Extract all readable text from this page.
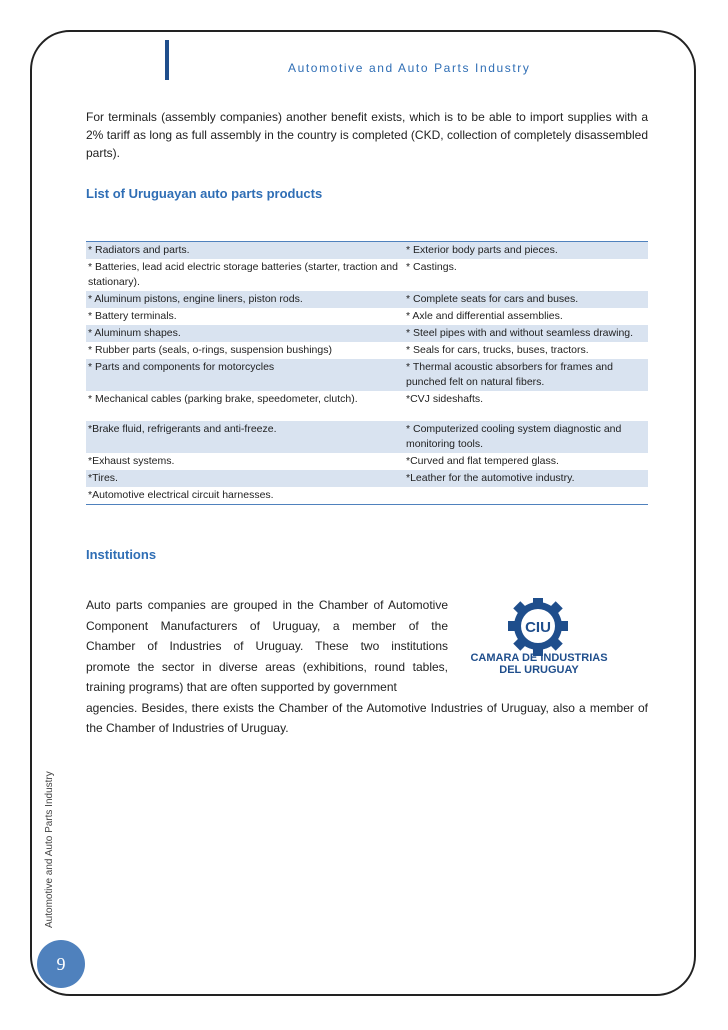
Automotive and Auto Parts Industry

For terminals (assembly companies) another benefit exists, which is to be able to import supplies with a 2% tariff as long as full assembly in the country is completed (CKD, collection of completely disassembled parts).

List of Uruguayan auto parts products
* Radiators and parts.	* Exterior body parts and pieces.
* Batteries, lead acid electric storage batteries (starter, traction and stationary).	* Castings.
* Aluminum pistons, engine liners, piston rods.	* Complete seats for cars and buses.
* Battery terminals.	* Axle and differential assemblies.
* Aluminum shapes.	* Steel pipes with and without seamless drawing.
* Rubber parts (seals, o-rings, suspension bushings)	* Seals for cars, trucks, buses, tractors.
* Parts and components for motorcycles	* Thermal acoustic absorbers for frames and punched felt on natural fibers.
* Mechanical cables (parking brake, speedometer, clutch).	*CVJ sideshafts.
*Brake fluid, refrigerants and anti-freeze.	* Computerized cooling system diagnostic and monitoring tools.
*Exhaust systems.	*Curved and flat tempered glass.
*Tires.	*Leather for the automotive industry.
*Automotive electrical circuit harnesses.	
Institutions
Auto parts companies are grouped in the Chamber of Automotive
Component Manufacturers of Uruguay, a member of the
Chamber of Industries of Uruguay. These two institutions
promote the sector in diverse areas (exhibitions, round tables,
training programs) that are often supported by government
agencies. Besides, there exists the Chamber of the Automotive Industries of Uruguay, also a member of the Chamber of Industries of Uruguay.
CIU
CAMARA DE INDUSTRIAS
DEL URUGUAY
Automotive and Auto Parts Industry
9
